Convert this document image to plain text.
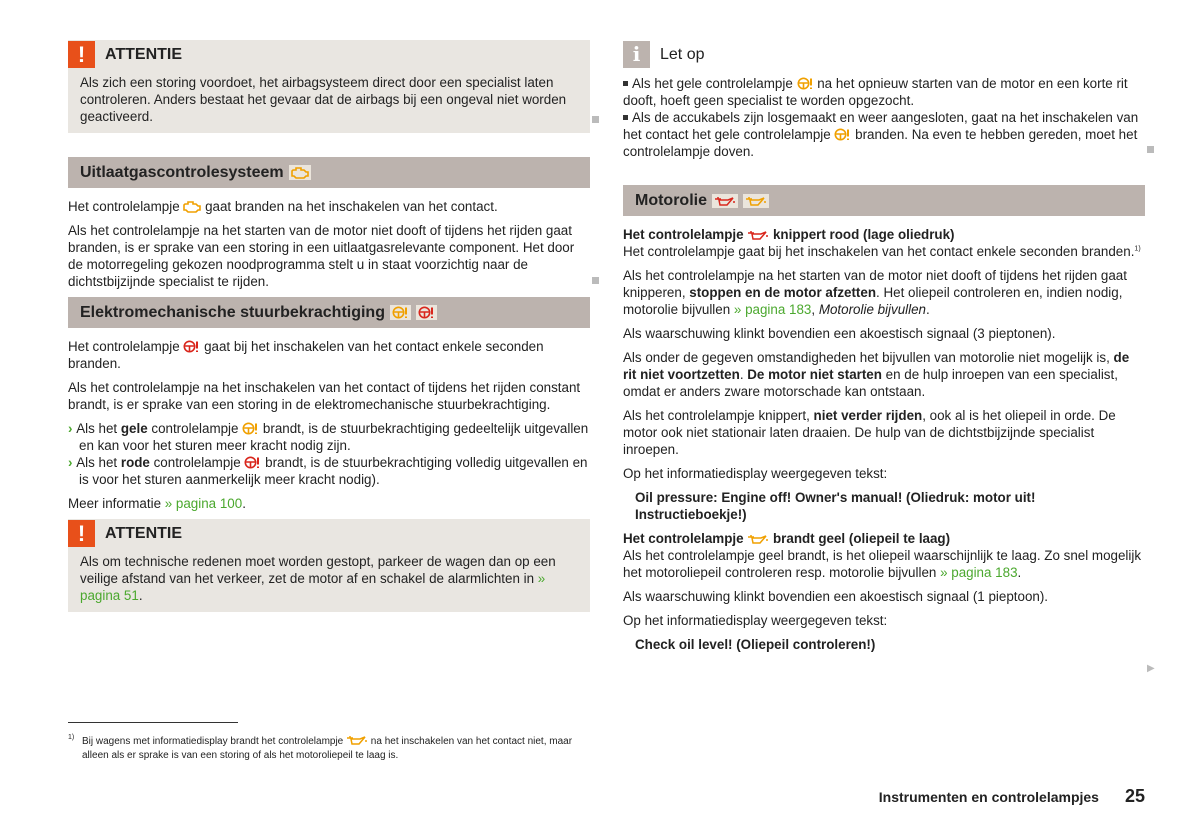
!	ATTENTIE

Als zich een storing voordoet, het airbagsysteem direct door een specialist laten controleren. Anders bestaat het gevaar dat de airbags bij een ongeval niet worden geactiveerd.

Uitlaatgascontrolesysteem

Het controlelampje  gaat branden na het inschakelen van het contact.

Als het controlelampje na het starten van de motor niet dooft of tijdens het rijden gaat branden, is er sprake van een storing in een uitlaatgasrelevante component. Het door de motorregeling gekozen noodprogramma stelt u in staat voorzichtig naar de dichtstbijzijnde specialist te rijden.

Elektromechanische stuurbekrachtiging

Het controlelampje  gaat bij het inschakelen van het contact enkele seconden branden.

Als het controlelampje na het inschakelen van het contact of tijdens het rijden constant brandt, is er sprake van een storing in de elektromechanische stuurbekrachtiging.

› Als het gele controlelampje  brandt, is de stuurbekrachtiging gedeeltelijk uitgevallen en kan voor het sturen meer kracht nodig zijn.

› Als het rode controlelampje  brandt, is de stuurbekrachtiging volledig uitgevallen en is voor het sturen aanmerkelijk meer kracht nodig).

Meer informatie » pagina 100.

!	ATTENTIE

Als om technische redenen moet worden gestopt, parkeer de wagen dan op een veilige afstand van het verkeer, zet de motor af en schakel de alarmlichten in » pagina 51.

i	Let op

Als het gele controlelampje  na het opnieuw starten van de motor en een korte rit dooft, hoeft geen specialist te worden opgezocht.

Als de accukabels zijn losgemaakt en weer aangesloten, gaat na het inschakelen van het contact het gele controlelampje  branden. Na even te hebben gereden, moet het controlelampje doven.

Motorolie

Het controlelampje  knippert rood (lage oliedruk)

Het controlelampje gaat bij het inschakelen van het contact enkele seconden branden.$^{1)}$

Als het controlelampje na het starten van de motor niet dooft of tijdens het rijden gaat knipperen, stoppen en de motor afzetten. Het oliepeil controleren en, indien nodig, motorolie bijvullen » pagina 183, Motorolie bijvullen.

Als waarschuwing klinkt bovendien een akoestisch signaal (3 pieptonen).

Als onder de gegeven omstandigheden het bijvullen van motorolie niet mogelijk is, de rit niet voortzetten. De motor niet starten en de hulp inroepen van een specialist, omdat er anders zware motorschade kan ontstaan.

Als het controlelampje knippert, niet verder rijden, ook al is het oliepeil in orde. De motor ook niet stationair laten draaien. De hulp van de dichtstbijzijnde specialist inroepen.

Op het informatiedisplay weergegeven tekst:

Oil pressure: Engine off! Owner's manual! (Oliedruk: motor uit! Instructieboekje!)

Het controlelampje  brandt geel (oliepeil te laag)

Als het controlelampje geel brandt, is het oliepeil waarschijnlijk te laag. Zo snel mogelijk het motoroliepeil controleren resp. motorolie bijvullen » pagina 183.

Als waarschuwing klinkt bovendien een akoestisch signaal (1 pieptoon).

Op het informatiedisplay weergegeven tekst:

Check oil level! (Oliepeil controleren!)

▶
1) Bij wagens met informatiedisplay brandt het controlelampje  na het inschakelen van het contact niet, maar alleen als er sprake is van een storing of als het motoroliepeil te laag is.
Instrumenten en controlelampjes 25
